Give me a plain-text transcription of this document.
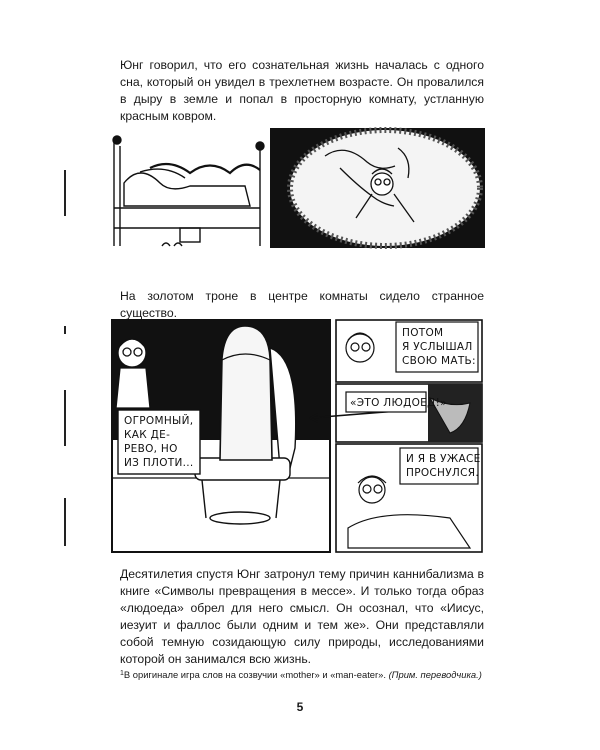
Юнг говорил, что его сознательная жизнь началась с одного сна, который он увидел в трехлетнем возрасте. Он провалился в дыру в земле и попал в просторную комнату, устланную красным ковром.

На золотом троне в центре комнаты сидело странное существо.

ОГРОМНЫЙ,
КАК ДЕ-
РЕВО, НО
ИЗ ПЛОТИ...
ПОТОМ
Я УСЛЫШАЛ
СВОЮ МАТЬ:
«ЭТО ЛЮДОЕД!»
И Я В УЖАСЕ
ПРОСНУЛСЯ.

Десятилетия спустя Юнг затронул тему причин каннибализма в книге «Символы превращения в мессе». И только тогда образ «людоеда» обрел для него смысл. Он осознал, что «Иисус, иезуит и фаллос были одним и тем же». Они представляли собой темную созидающую силу природы, исследованиями которой он занимался всю жизнь.

$^1$В оригинале игра слов на созвучии «mother» и «man-eater». (Прим. переводчика.)

5
